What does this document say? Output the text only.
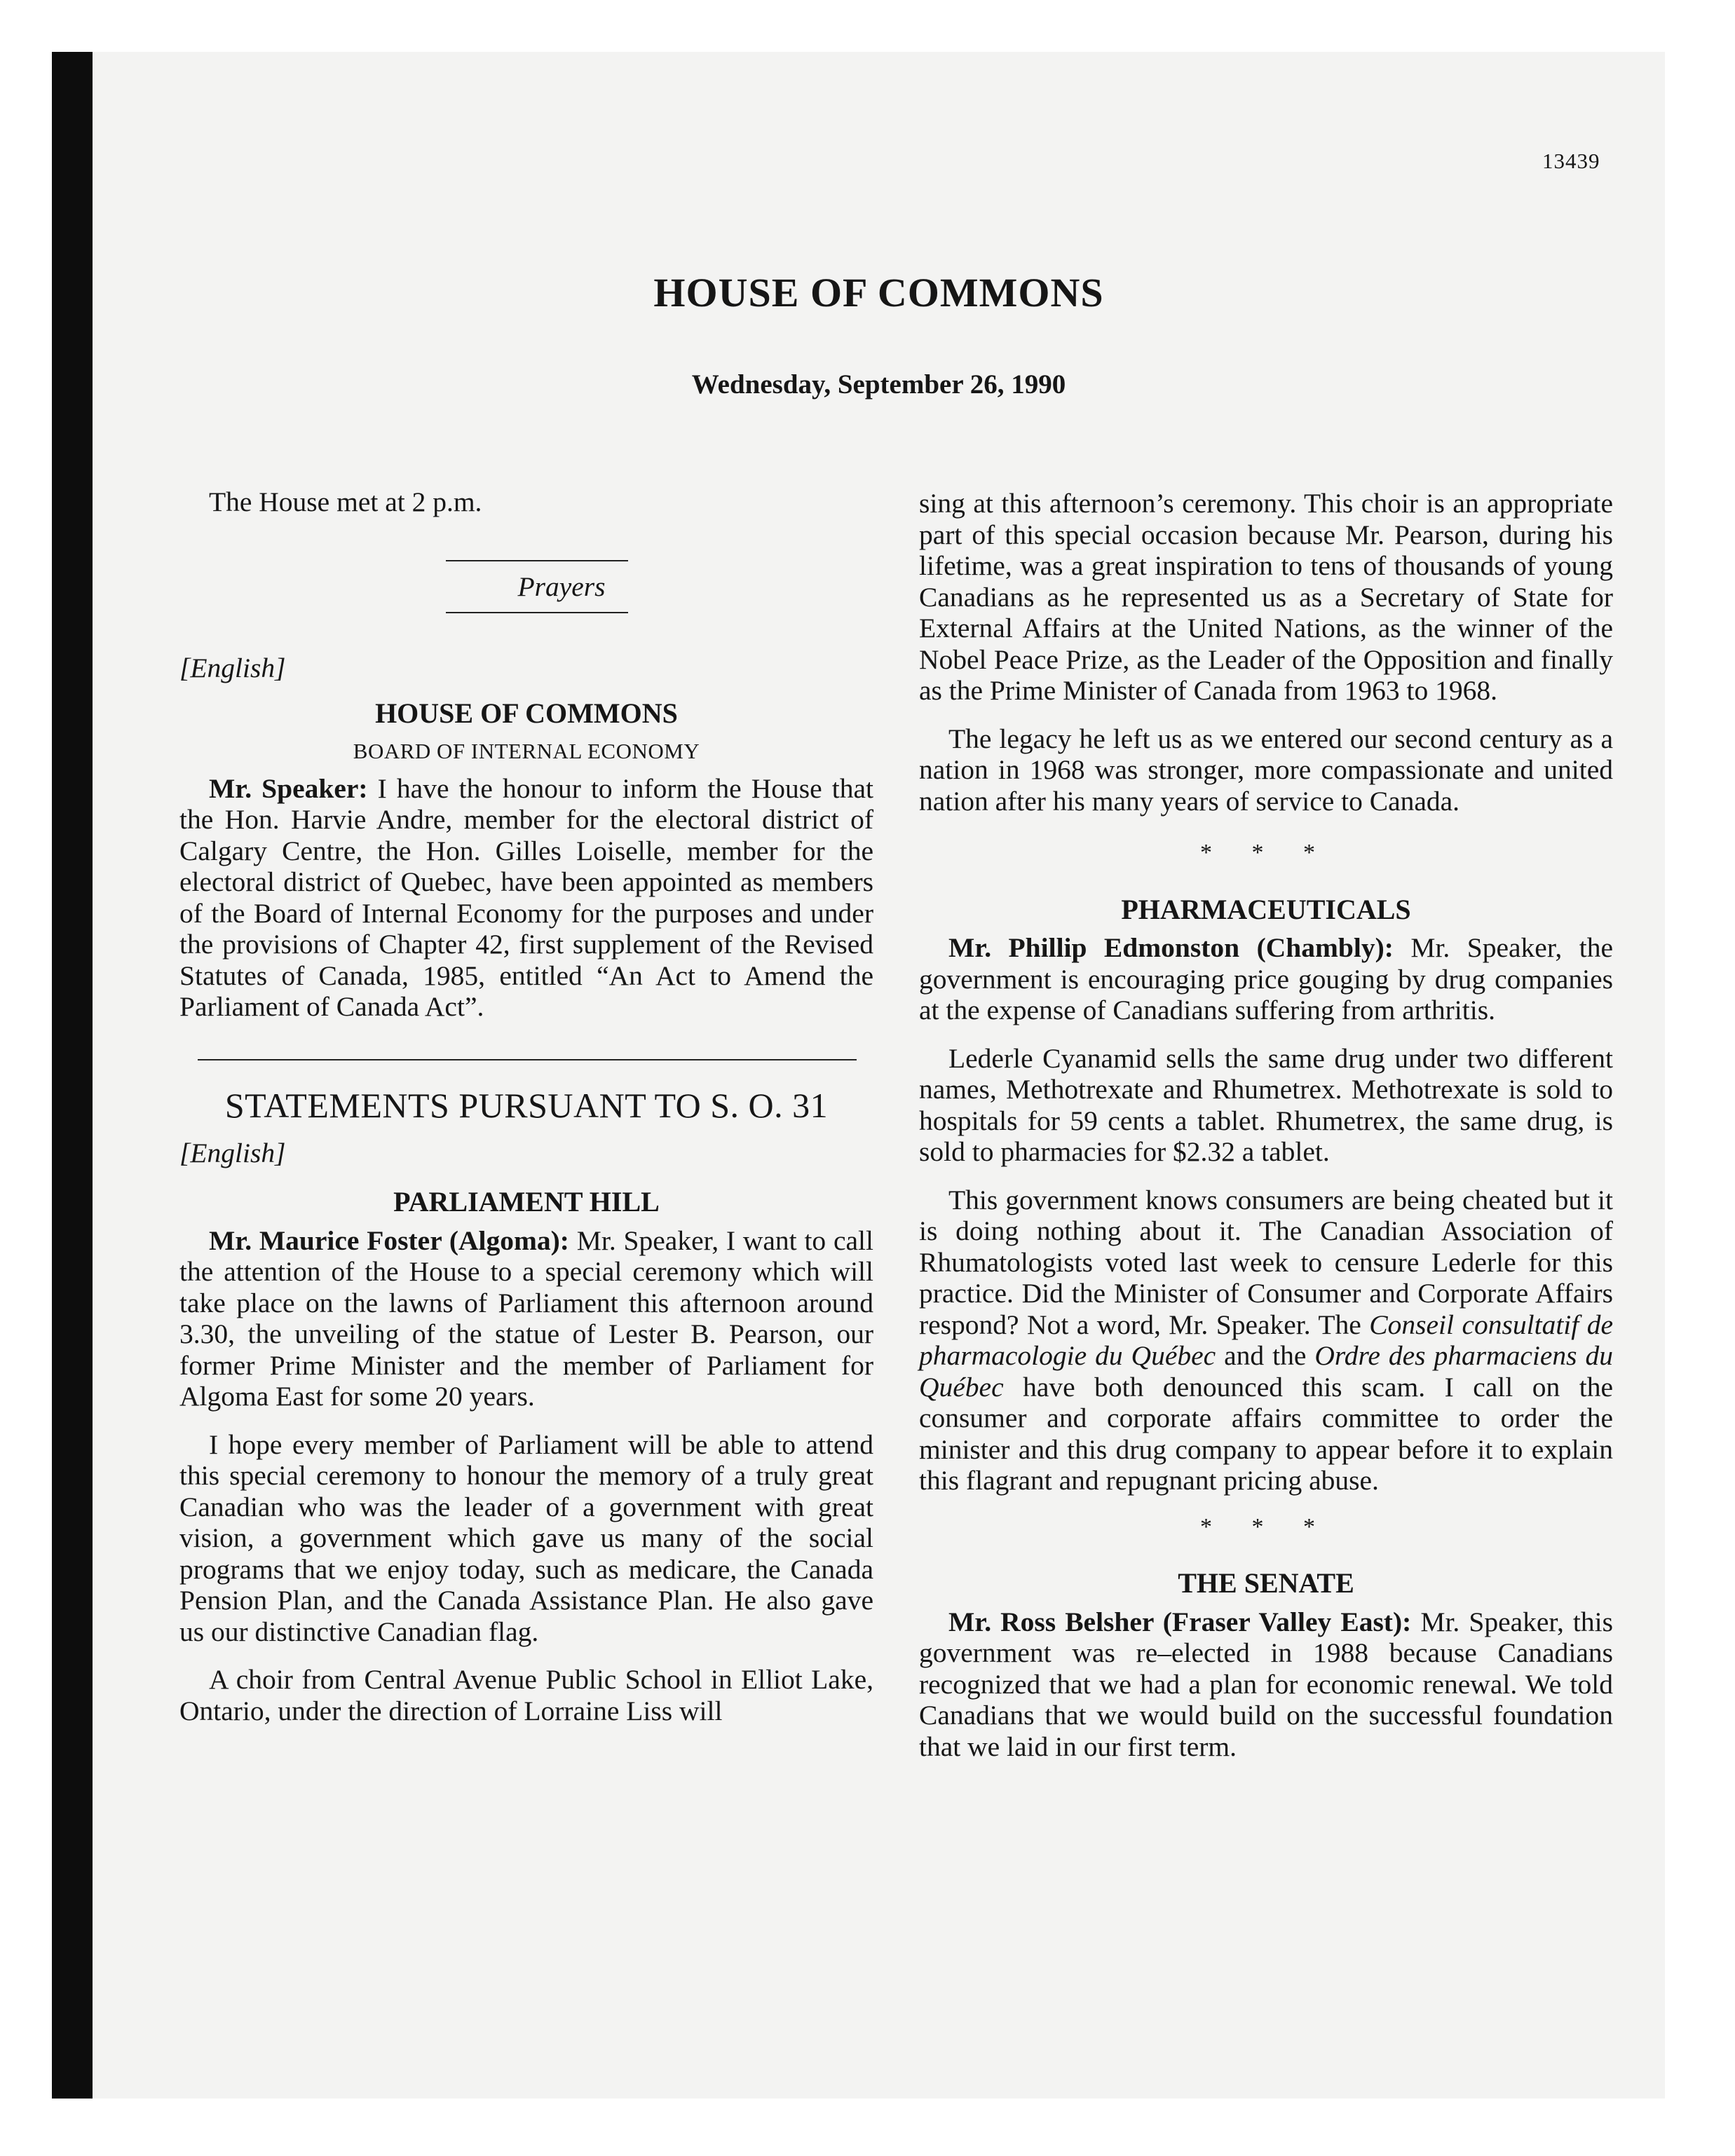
13439
HOUSE OF COMMONS
Wednesday, September 26, 1990

The House met at 2 p.m.

Prayers

[English]

HOUSE OF COMMONS

BOARD OF INTERNAL ECONOMY

Mr. Speaker: I have the honour to inform the House that the Hon. Harvie Andre, member for the electoral district of Calgary Centre, the Hon. Gilles Loiselle, member for the electoral district of Quebec, have been appointed as members of the Board of Internal Economy for the purposes and under the provisions of Chapter 42, first supplement of the Revised Statutes of Canada, 1985, entitled “An Act to Amend the Parliament of Canada Act”.

STATEMENTS PURSUANT TO S. O. 31

[English]

PARLIAMENT HILL

Mr. Maurice Foster (Algoma): Mr. Speaker, I want to call the attention of the House to a special ceremony which will take place on the lawns of Parliament this afternoon around 3.30, the unveiling of the statue of Lester B. Pearson, our former Prime Minister and the member of Parliament for Algoma East for some 20 years.

I hope every member of Parliament will be able to attend this special ceremony to honour the memory of a truly great Canadian who was the leader of a government with great vision, a government which gave us many of the social programs that we enjoy today, such as medicare, the Canada Pension Plan, and the Canada Assistance Plan. He also gave us our distinctive Canadian flag.

A choir from Central Avenue Public School in Elliot Lake, Ontario, under the direction of Lorraine Liss will

sing at this afternoon’s ceremony. This choir is an appropriate part of this special occasion because Mr. Pearson, during his lifetime, was a great inspiration to tens of thousands of young Canadians as he represented us as a Secretary of State for External Affairs at the United Nations, as the winner of the Nobel Peace Prize, as the Leader of the Opposition and finally as the Prime Minister of Canada from 1963 to 1968.

The legacy he left us as we entered our second century as a nation in 1968 was stronger, more compassionate and united nation after his many years of service to Canada.

* * *

PHARMACEUTICALS

Mr. Phillip Edmonston (Chambly): Mr. Speaker, the government is encouraging price gouging by drug companies at the expense of Canadians suffering from arthritis.

Lederle Cyanamid sells the same drug under two different names, Methotrexate and Rhumetrex. Methotrexate is sold to hospitals for 59 cents a tablet. Rhumetrex, the same drug, is sold to pharmacies for $2.32 a tablet.

This government knows consumers are being cheated but it is doing nothing about it. The Canadian Association of Rhumatologists voted last week to censure Lederle for this practice. Did the Minister of Consumer and Corporate Affairs respond? Not a word, Mr. Speaker. The Conseil consultatif de pharmacologie du Québec and the Ordre des pharmaciens du Québec have both denounced this scam. I call on the consumer and corporate affairs committee to order the minister and this drug company to appear before it to explain this flagrant and repugnant pricing abuse.

* * *

THE SENATE

Mr. Ross Belsher (Fraser Valley East): Mr. Speaker, this government was re–elected in 1988 because Canadians recognized that we had a plan for economic renewal. We told Canadians that we would build on the successful foundation that we laid in our first term.
